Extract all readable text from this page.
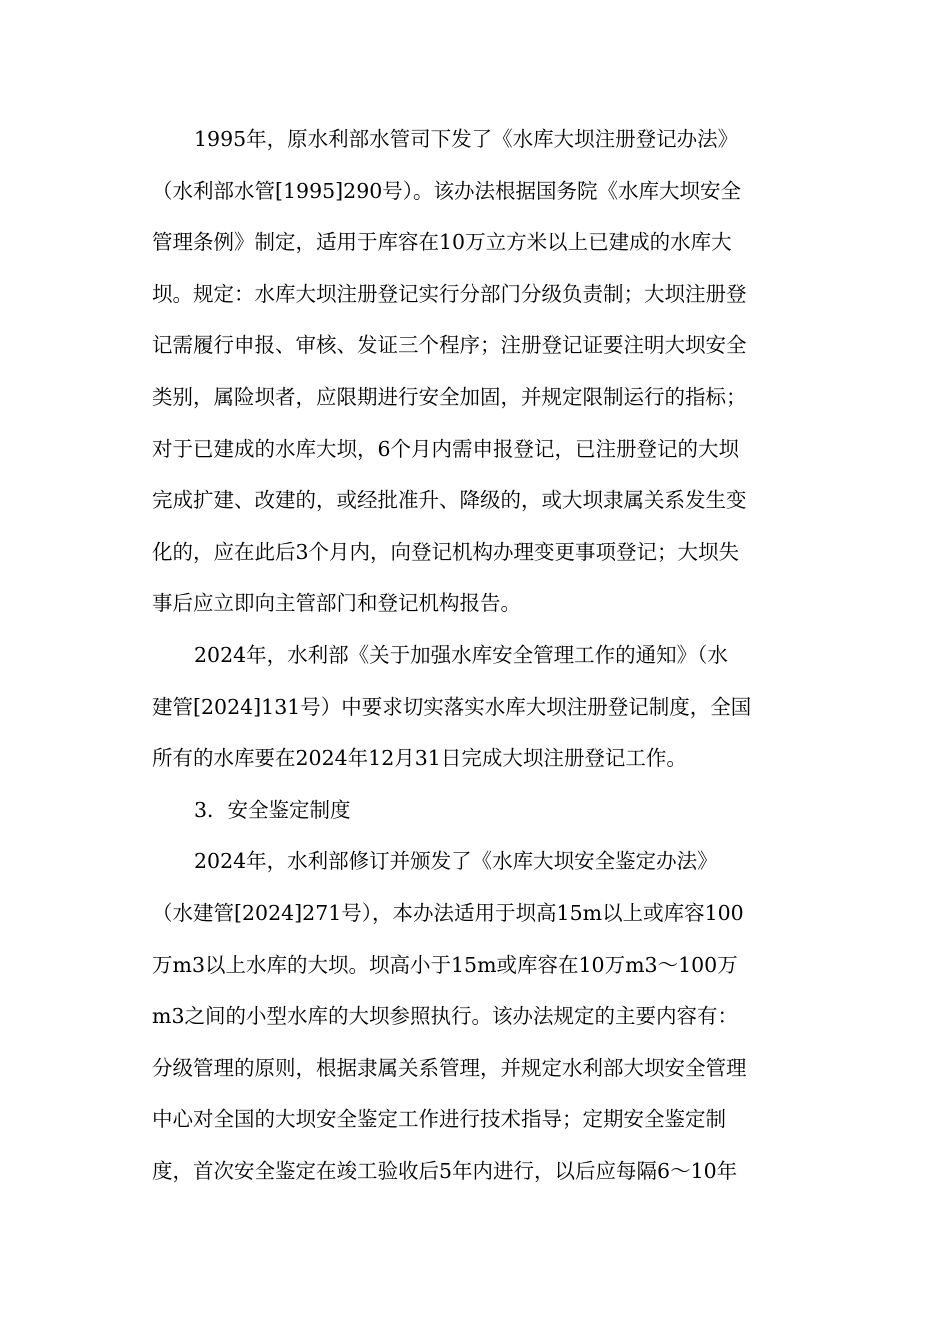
1995年，原水利部水管司下发了《水库大坝注册登记办法》
（水利部水管[1995]290号）。该办法根据国务院《水库大坝安全
管理条例》制定，适用于库容在10万立方米以上已建成的水库大
坝。规定：水库大坝注册登记实行分部门分级负责制；大坝注册登
记需履行申报、审核、发证三个程序；注册登记证要注明大坝安全
类别，属险坝者，应限期进行安全加固，并规定限制运行的指标；
对于已建成的水库大坝，6个月内需申报登记，已注册登记的大坝
完成扩建、改建的，或经批准升、降级的，或大坝隶属关系发生变
化的，应在此后3个月内，向登记机构办理变更事项登记；大坝失
事后应立即向主管部门和登记机构报告。
2024年，水利部《关于加强水库安全管理工作的通知》（水
建管[2024]131号）中要求切实落实水库大坝注册登记制度，全国
所有的水库要在2024年12月31日完成大坝注册登记工作。
3．安全鉴定制度
2024年，水利部修订并颁发了《水库大坝安全鉴定办法》
（水建管[2024]271号），本办法适用于坝高15m以上或库容100
万m3以上水库的大坝。坝高小于15m或库容在10万m3～100万
m3之间的小型水库的大坝参照执行。该办法规定的主要内容有：
分级管理的原则，根据隶属关系管理，并规定水利部大坝安全管理
中心对全国的大坝安全鉴定工作进行技术指导；定期安全鉴定制
度，首次安全鉴定在竣工验收后5年内进行，以后应每隔6～10年
